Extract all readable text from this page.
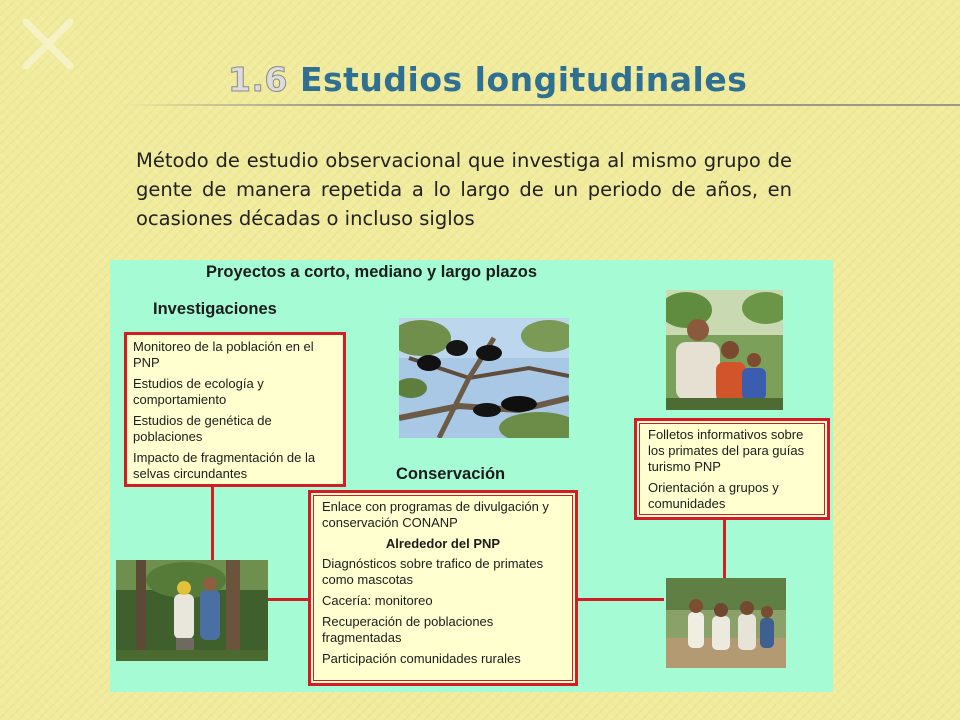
1.6 Estudios longitudinales

Método de estudio observacional que investiga al mismo grupo de gente de manera repetida a lo largo de un periodo de años, en ocasiones décadas o incluso siglos

Proyectos a corto, mediano y largo plazos
Investigaciones

Monitoreo de la población en el PNP

Estudios de ecología y comportamiento

Estudios de genética de poblaciones

Impacto de fragmentación de la selvas circundantes

Folletos informativos sobre los primates del para guías turismo PNP

Orientación a grupos y comunidades

Conservación

Enlace con programas de divulgación y conservación CONANP

Alrededor del PNP

Diagnósticos sobre trafico de primates como mascotas

Cacería: monitoreo

Recuperación de poblaciones fragmentadas

Participación comunidades rurales
